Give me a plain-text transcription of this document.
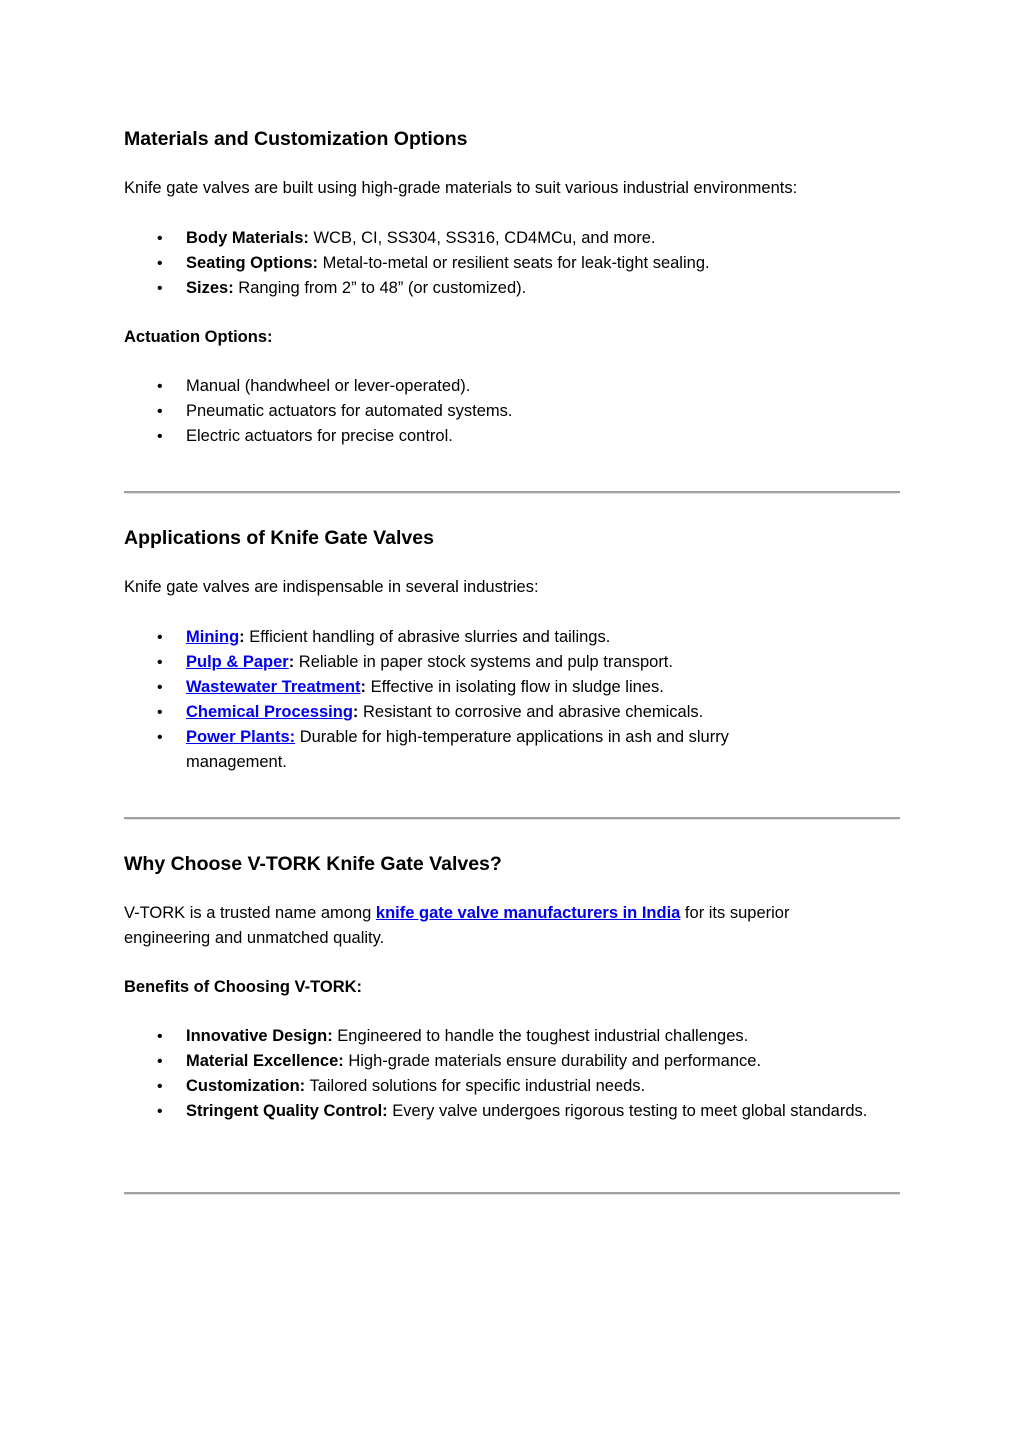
Materials and Customization Options

Knife gate valves are built using high-grade materials to suit various industrial environments:

• Body Materials: WCB, CI, SS304, SS316, CD4MCu, and more.
• Seating Options: Metal-to-metal or resilient seats for leak-tight sealing.
• Sizes: Ranging from 2” to 48” (or customized).

Actuation Options:

• Manual (handwheel or lever-operated).
• Pneumatic actuators for automated systems.
• Electric actuators for precise control.
Applications of Knife Gate Valves

Knife gate valves are indispensable in several industries:

• Mining: Efficient handling of abrasive slurries and tailings.
• Pulp & Paper: Reliable in paper stock systems and pulp transport.
• Wastewater Treatment: Effective in isolating flow in sludge lines.
• Chemical Processing: Resistant to corrosive and abrasive chemicals.
• Power Plants: Durable for high-temperature applications in ash and slurry management.
Why Choose V-TORK Knife Gate Valves?

V-TORK is a trusted name among knife gate valve manufacturers in India for its superior engineering and unmatched quality.

Benefits of Choosing V-TORK:

• Innovative Design: Engineered to handle the toughest industrial challenges.
• Material Excellence: High-grade materials ensure durability and performance.
• Customization: Tailored solutions for specific industrial needs.
• Stringent Quality Control: Every valve undergoes rigorous testing to meet global standards.
